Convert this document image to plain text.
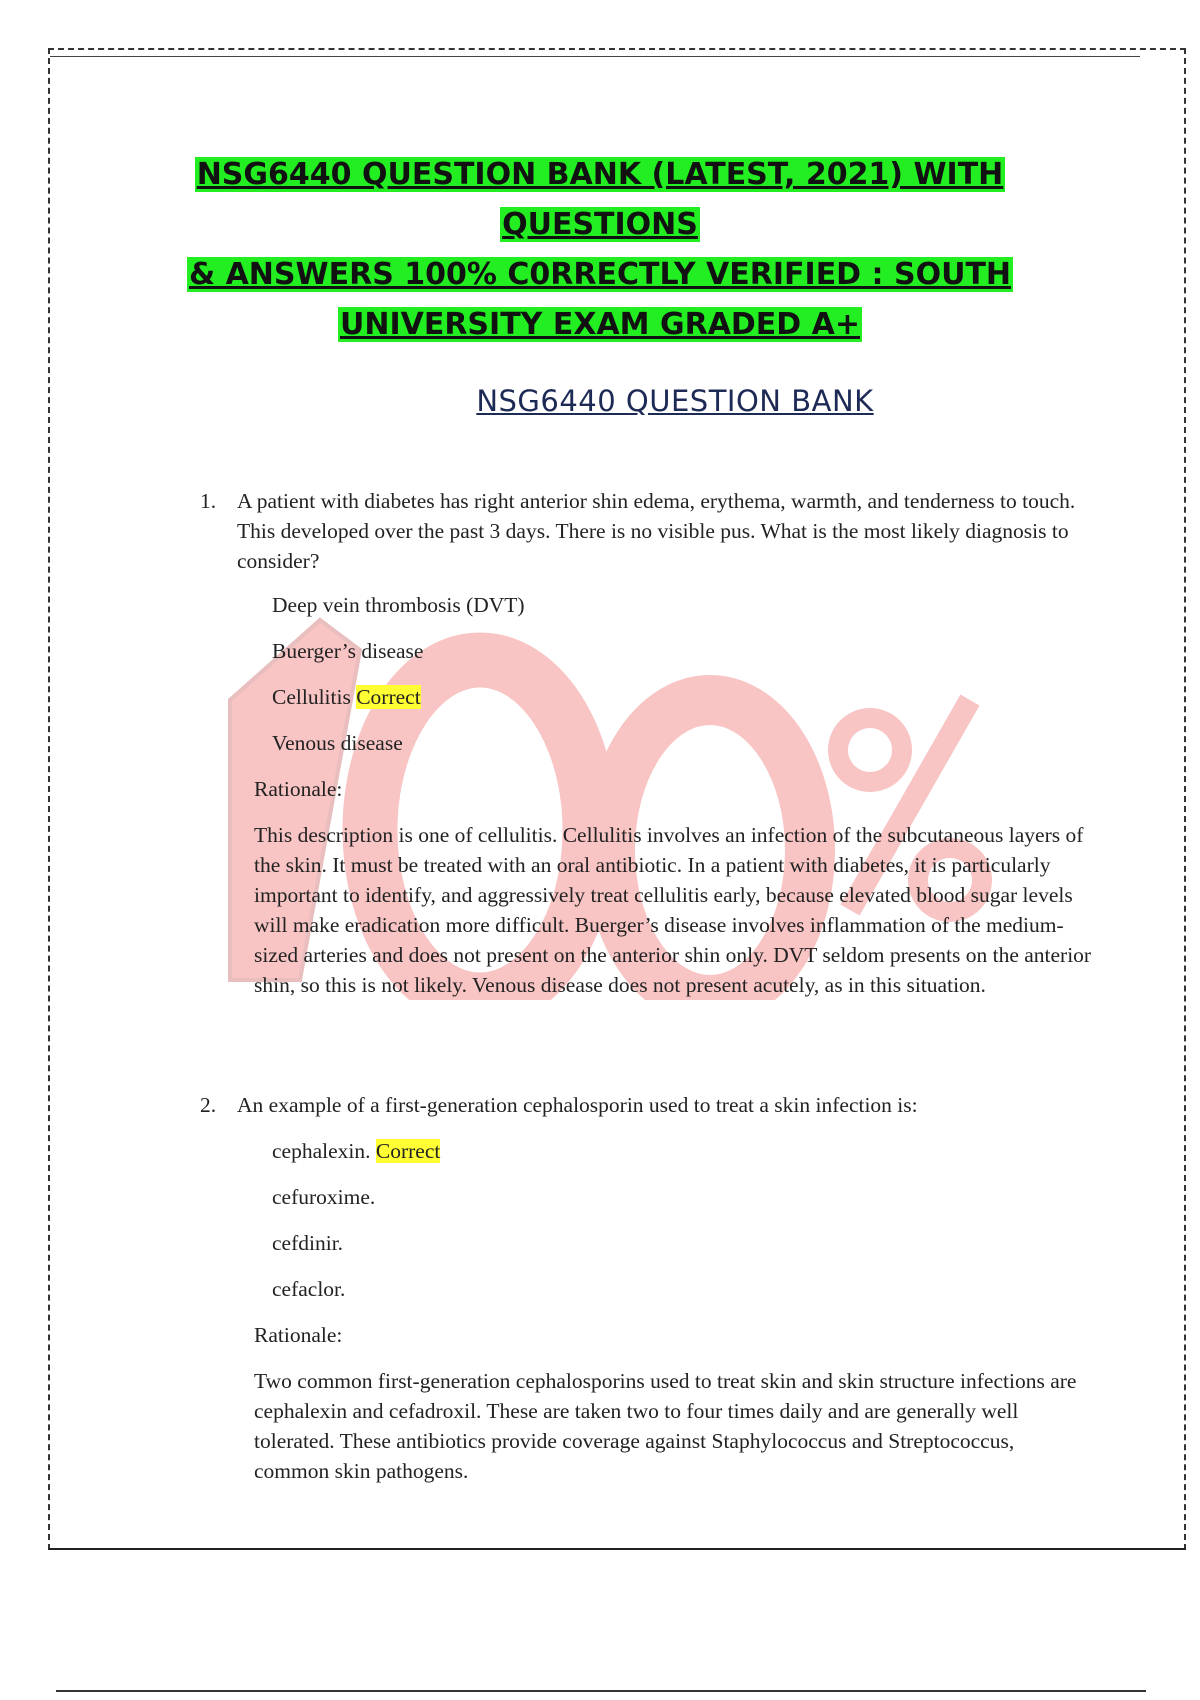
NSG6440 QUESTION BANK (LATEST, 2021) WITH QUESTIONS
& ANSWERS 100% C0RRECTLY VERIFIED : SOUTH
UNIVERSITY EXAM GRADED A+
NSG6440 QUESTION BANK
1. A patient with diabetes has right anterior shin edema, erythema, warmth, and tenderness to touch. This developed over the past 3 days. There is no visible pus. What is the most likely diagnosis to consider?
Deep vein thrombosis (DVT)
Buerger’s disease
Cellulitis Correct
Venous disease
Rationale:
This description is one of cellulitis. Cellulitis involves an infection of the subcutaneous layers of the skin. It must be treated with an oral antibiotic. In a patient with diabetes, it is particularly important to identify, and aggressively treat cellulitis early, because elevated blood sugar levels will make eradication more difficult. Buerger’s disease involves inflammation of the medium-sized arteries and does not present on the anterior shin only. DVT seldom presents on the anterior shin, so this is not likely. Venous disease does not present acutely, as in this situation.
2. An example of a first-generation cephalosporin used to treat a skin infection is:
cephalexin. Correct
cefuroxime.
cefdinir.
cefaclor.
Rationale:
Two common first-generation cephalosporins used to treat skin and skin structure infections are cephalexin and cefadroxil. These are taken two to four times daily and are generally well tolerated. These antibiotics provide coverage against Staphylococcus and Streptococcus, common skin pathogens.
